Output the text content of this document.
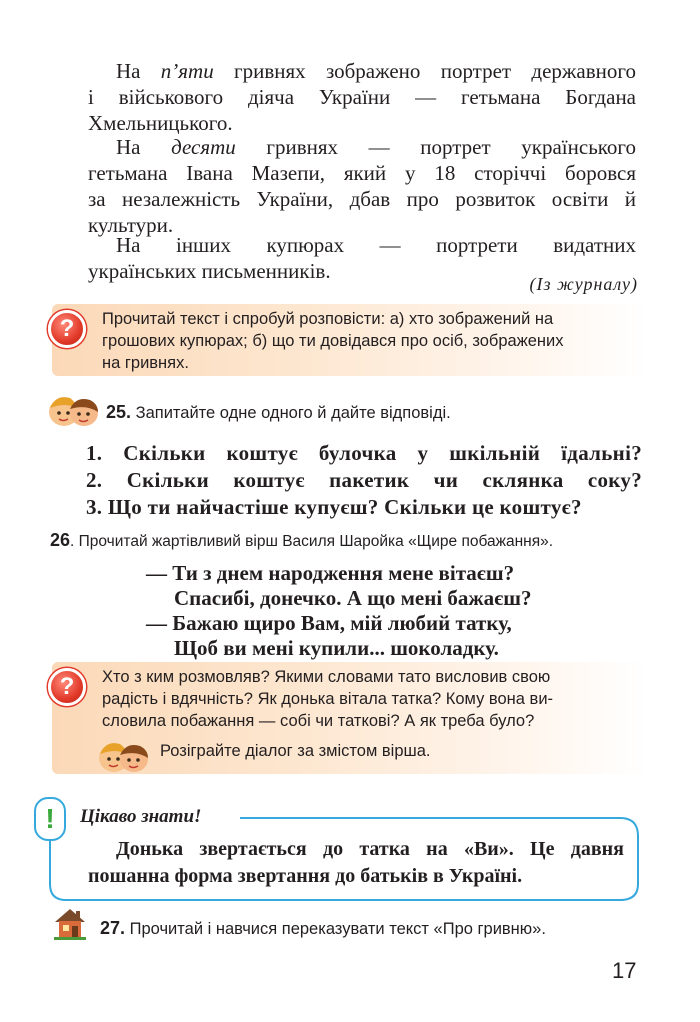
На п’яти гривнях зображено портрет державного
і військового діяча України — гетьмана Богдана
Хмельницького.
На десяти гривнях — портрет українського
гетьмана Івана Мазепи, який у 18 сторіччі боровся
за незалежність України, дбав про розвиток освіти й
культури.
На інших купюрах — портрети видатних
українських письменників.
(Із журналу)
?	Прочитай текст і спробуй розповісти: а) хто зображений на
грошових купюрах; б) що ти довідався про осіб, зображених
на гривнях.
25. Запитайте одне одного й дайте відповіді.
1. Скільки коштує булочка у шкільній їдальні?
2. Скільки коштує пакетик чи склянка соку?
3. Що ти найчастіше купуєш? Скільки це коштує?
26. Прочитай жартівливий вірш Василя Шаройка «Щире побажання».
— Ти з днем народження мене вітаєш?
Спасибі, донечко. А що мені бажаєш?
— Бажаю щиро Вам, мій любий татку,
Щоб ви мені купили... шоколадку.
?	Хто з ким розмовляв? Якими словами тато висловив свою
радість і вдячність? Як донька вітала татка? Кому вона ви-
словила побажання — собі чи таткові? А як треба було?
Розіграйте діалог за змістом вірша.
!	Цікаво знати!
Донька звертається до татка на «Ви». Це давня
пошанна форма звертання до батьків в Україні.
27. Прочитай і навчися переказувати текст «Про гривню».
17
